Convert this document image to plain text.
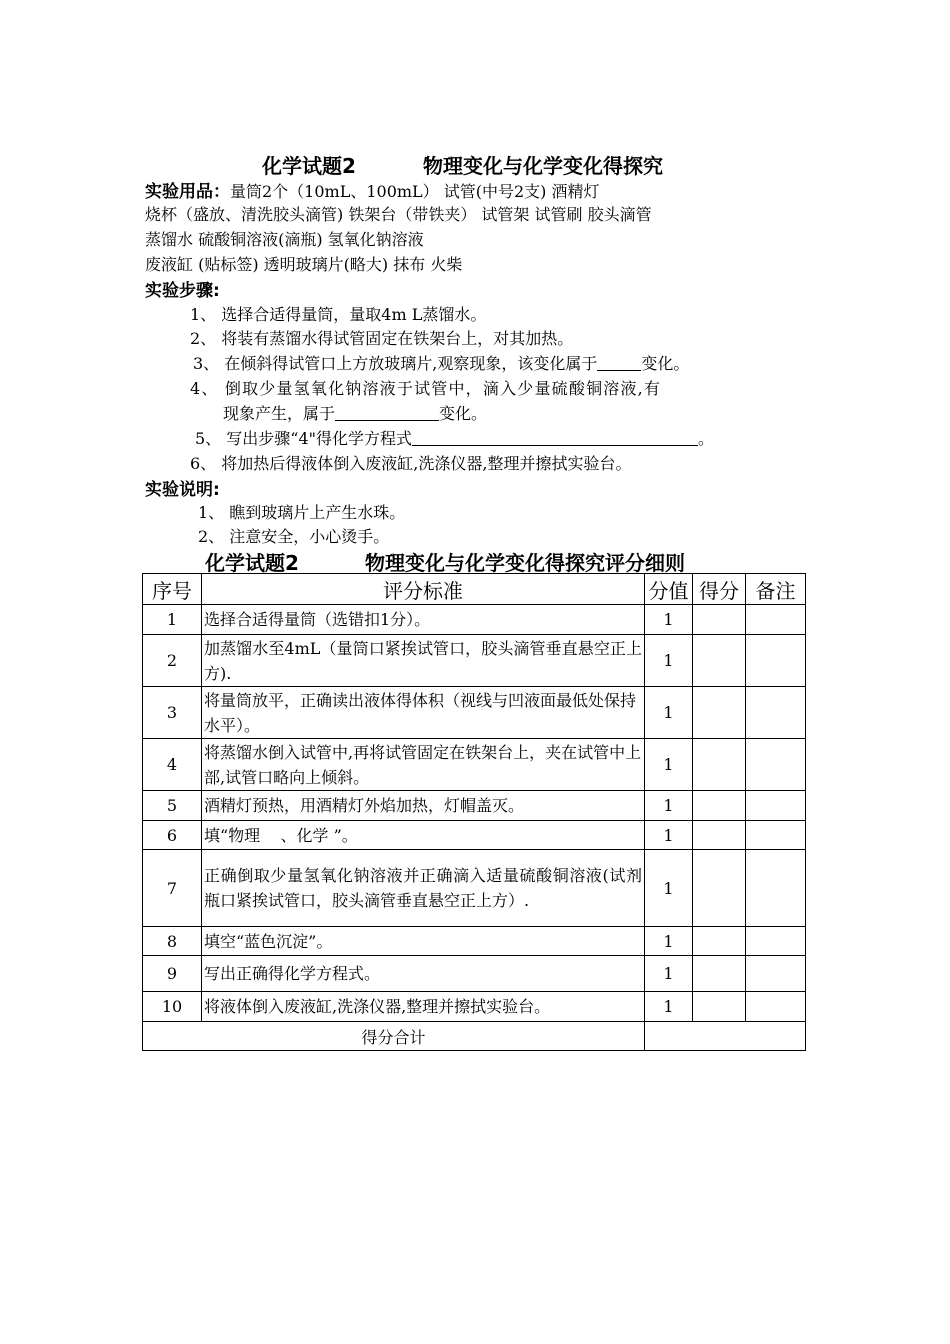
化学试题2	物理变化与化学变化得探究
实验用品：量筒2个（10mL、100mL） 试管(中号2支) 酒精灯
烧杯（盛放、清洗胶头滴管) 铁架台（带铁夹） 试管架 试管刷 胶头滴管
蒸馏水 硫酸铜溶液(滴瓶) 氢氧化钠溶液
废液缸 (贴标签) 透明玻璃片(略大) 抹布 火柴
实验步骤:
1、 选择合适得量筒，量取4m L蒸馏水。
2、 将装有蒸馏水得试管固定在铁架台上，对其加热。
3、 在倾斜得试管口上方放玻璃片,观察现象，该变化属于	变化。
4、 倒取少量氢氧化钠溶液于试管中，滴入少量硫酸铜溶液,有
现象产生，属于	变化。
5、 写出步骤“4"得化学方程式	。
6、 将加热后得液体倒入废液缸,洗涤仪器,整理并擦拭实验台。
实验说明:
1、 瞧到玻璃片上产生水珠。
2、 注意安全，小心烫手。
化学试题2	物理变化与化学变化得探究评分细则
序号	评分标准	分值	得分	备注
1	选择合适得量筒（选错扣1分）。	1		
2	加蒸馏水至4mL（量筒口紧挨试管口，胶头滴管垂直悬空正上方).	1		
3	将量筒放平，正确读出液体得体积（视线与凹液面最低处保持水平）。	1		
4	将蒸馏水倒入试管中,再将试管固定在铁架台上，夹在试管中上部,试管口略向上倾斜。	1		
5	酒精灯预热，用酒精灯外焰加热，灯帽盖灭。	1		
6	填“物理    、化学 ”。	1		
7	正确倒取少量氢氧化钠溶液并正确滴入适量硫酸铜溶液(试剂瓶口紧挨试管口，胶头滴管垂直悬空正上方）.	1		
8	填空“蓝色沉淀”。	1		
9	写出正确得化学方程式。	1		
10	将液体倒入废液缸,洗涤仪器,整理并擦拭实验台。	1		
得分合计				
